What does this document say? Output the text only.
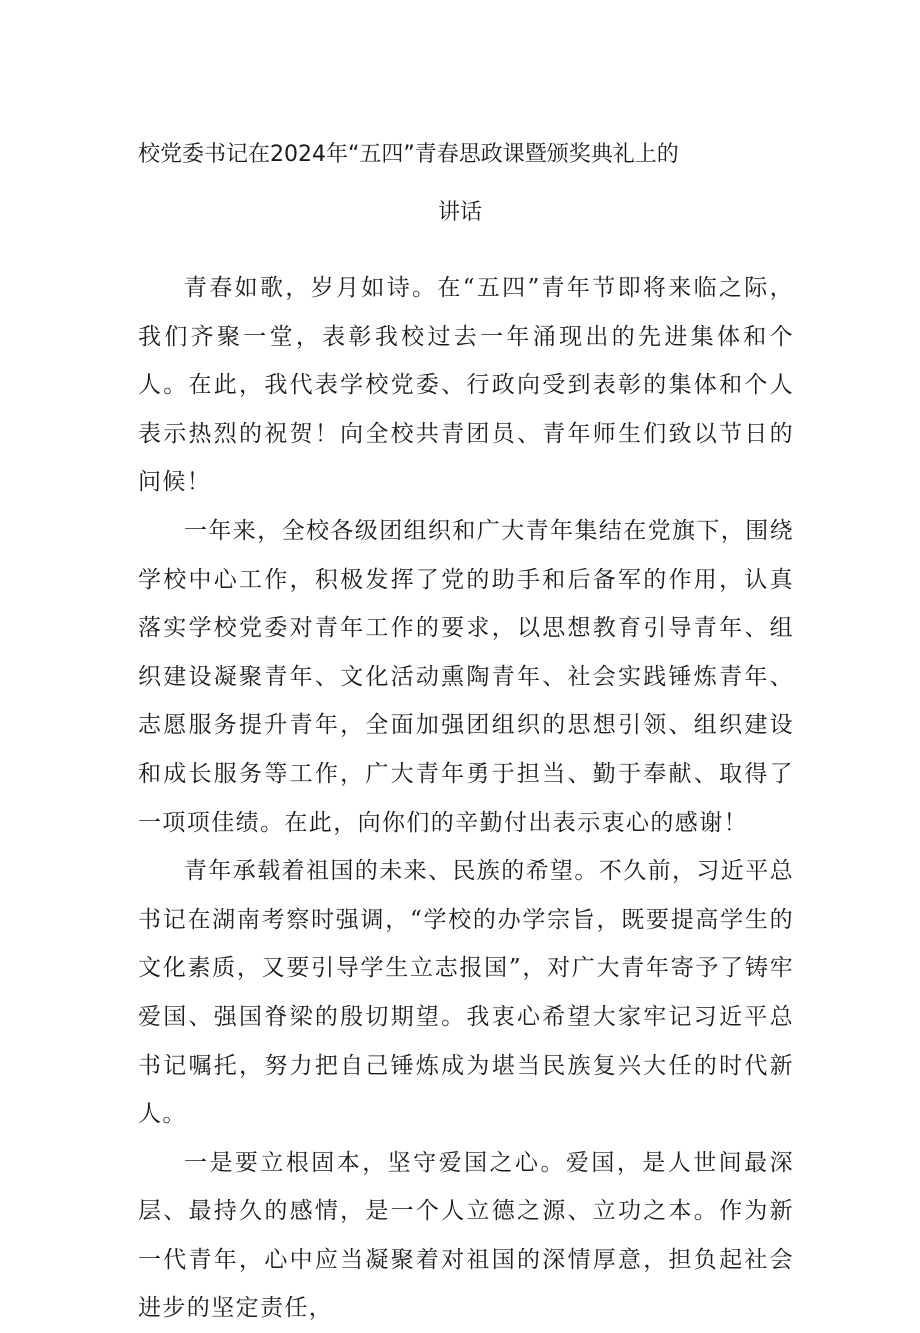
校党委书记在2024年“五四”青春思政课暨颁奖典礼上的
讲话

青春如歌，岁月如诗。在“五四”青年节即将来临之际，我们齐聚一堂，表彰我校过去一年涌现出的先进集体和个人。在此，我代表学校党委、行政向受到表彰的集体和个人表示热烈的祝贺！向全校共青团员、青年师生们致以节日的问候！

一年来，全校各级团组织和广大青年集结在党旗下，围绕学校中心工作，积极发挥了党的助手和后备军的作用，认真落实学校党委对青年工作的要求，以思想教育引导青年、组织建设凝聚青年、文化活动熏陶青年、社会实践锤炼青年、志愿服务提升青年，全面加强团组织的思想引领、组织建设和成长服务等工作，广大青年勇于担当、勤于奉献、取得了一项项佳绩。在此，向你们的辛勤付出表示衷心的感谢！

青年承载着祖国的未来、民族的希望。不久前，习近平总书记在湖南考察时强调，“学校的办学宗旨，既要提高学生的文化素质，又要引导学生立志报国”，对广大青年寄予了铸牢爱国、强国脊梁的殷切期望。我衷心希望大家牢记习近平总书记嘱托，努力把自己锤炼成为堪当民族复兴大任的时代新人。

一是要立根固本，坚守爱国之心。爱国，是人世间最深层、最持久的感情，是一个人立德之源、立功之本。作为新一代青年，心中应当凝聚着对祖国的深情厚意，担负起社会进步的坚定责任，
